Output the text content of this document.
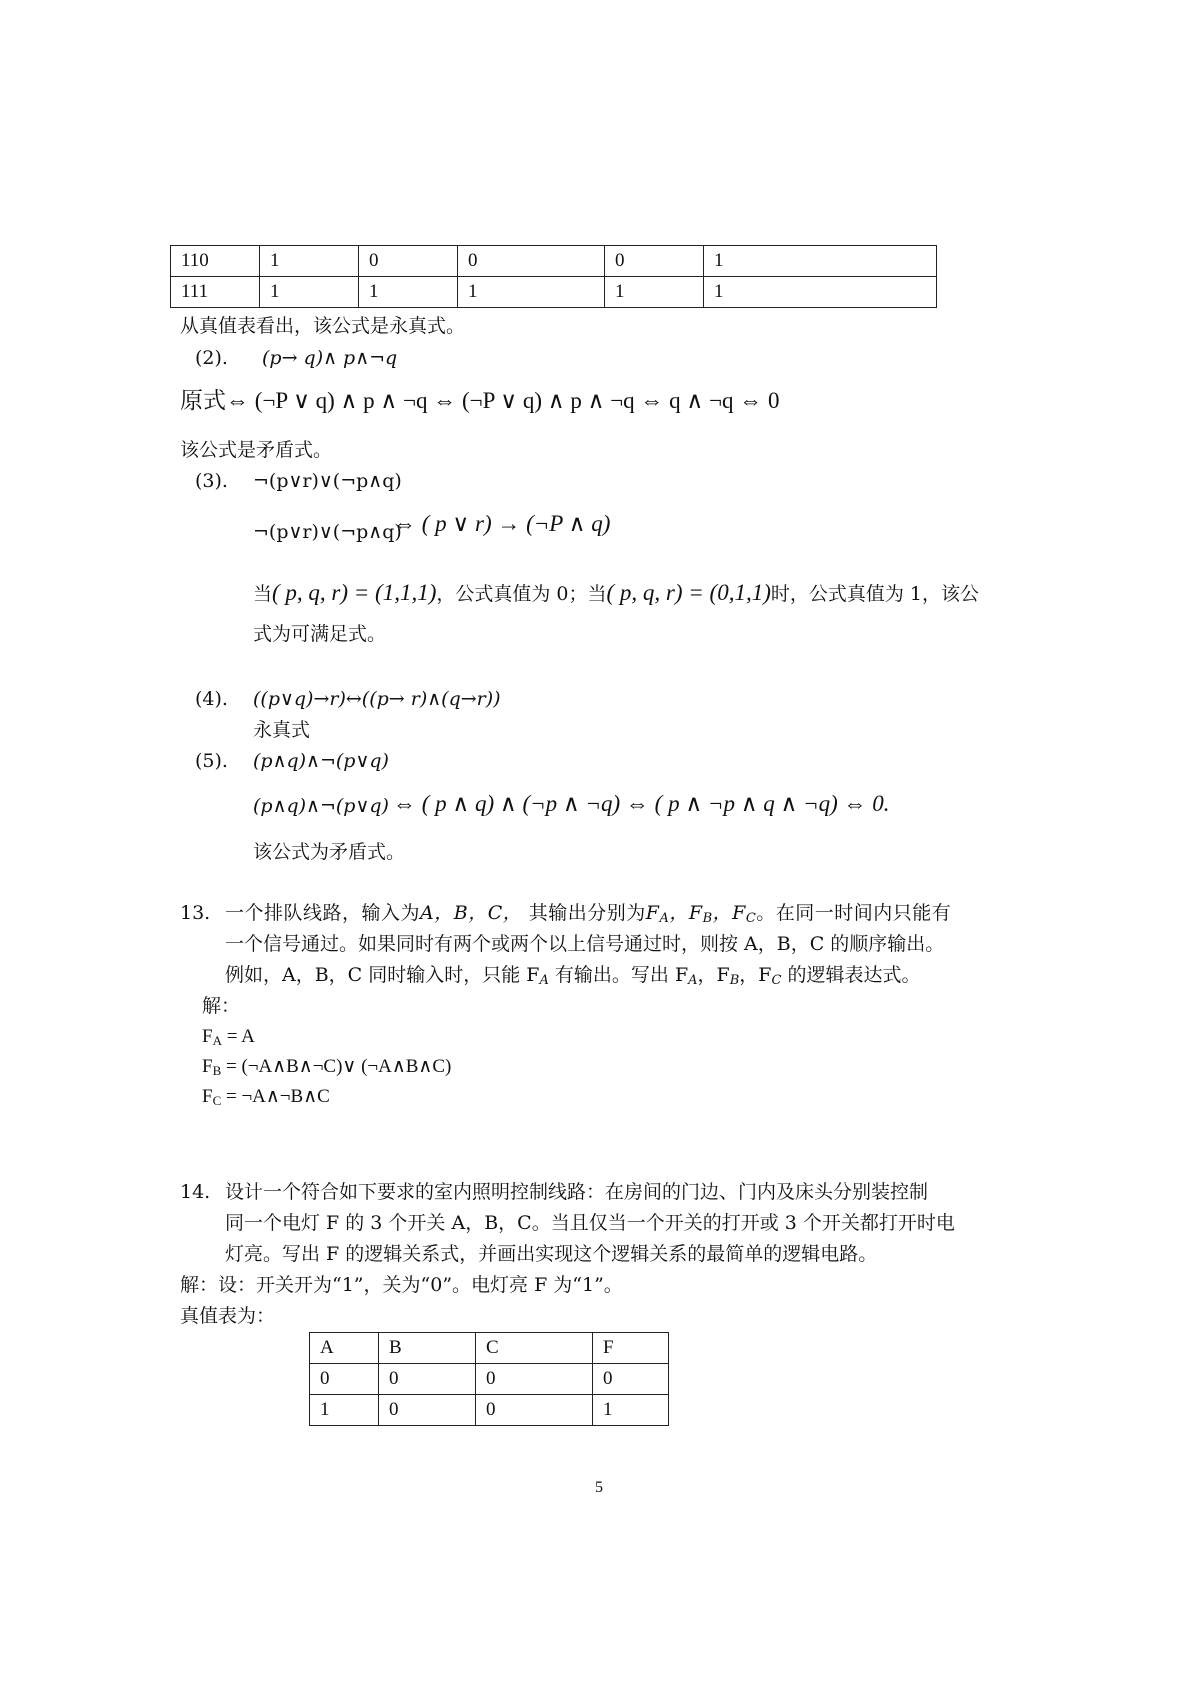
110	1	0	0	0	1
111	1	1	1	1	1
从真值表看出，该公式是永真式。
(2). (p→ q)∧ p∧¬q
原式⇔ (¬P ∨ q) ∧ p ∧ ¬q ⇔ (¬P ∨ q) ∧ p ∧ ¬q ⇔ q ∧ ¬q ⇔ 0
该公式是矛盾式。
(3). ¬(p∨r)∨(¬p∧q)
¬(p∨r)∨(¬p∧q)
⇔ ( p ∨ r) → (¬P ∧ q)
当( p, q, r) = (1,1,1)，公式真值为 0；当( p, q, r) = (0,1,1)时，公式真值为 1，该公
式为可满足式。
(4). ((p∨q)→r)↔((p→ r)∧(q→r))
永真式
(5). (p∧q)∧¬(p∨q)
(p∧q)∧¬(p∨q) ⇔ ( p ∧ q) ∧ (¬p ∧ ¬q) ⇔ ( p ∧ ¬p ∧ q ∧ ¬q) ⇔ 0.
该公式为矛盾式。
13. 一个排队线路，输入为A，B，C， 其输出分别为$F_A$，$F_B$，$F_C$。在同一时间内只能有
一个信号通过。如果同时有两个或两个以上信号通过时，则按 A，B，C 的顺序输出。
例如，A，B，C 同时输入时，只能 $F_A$ 有输出。写出 $F_A$，$F_B$，$F_C$ 的逻辑表达式。
解：
$F_A = A$
$F_B$ = (¬A∧B∧¬C)∨ (¬A∧B∧C)
$F_C$ = ¬A∧¬B∧C
14. 设计一个符合如下要求的室内照明控制线路：在房间的门边、门内及床头分别装控制
同一个电灯 F 的 3 个开关 A，B，C。当且仅当一个开关的打开或 3 个开关都打开时电
灯亮。写出 F 的逻辑关系式，并画出实现这个逻辑关系的最简单的逻辑电路。
解：设：开关开为“1”，关为“0”。电灯亮 F 为“1”。
真值表为：
A	B	C	F
0	0	0	0
1	0	0	1
5
